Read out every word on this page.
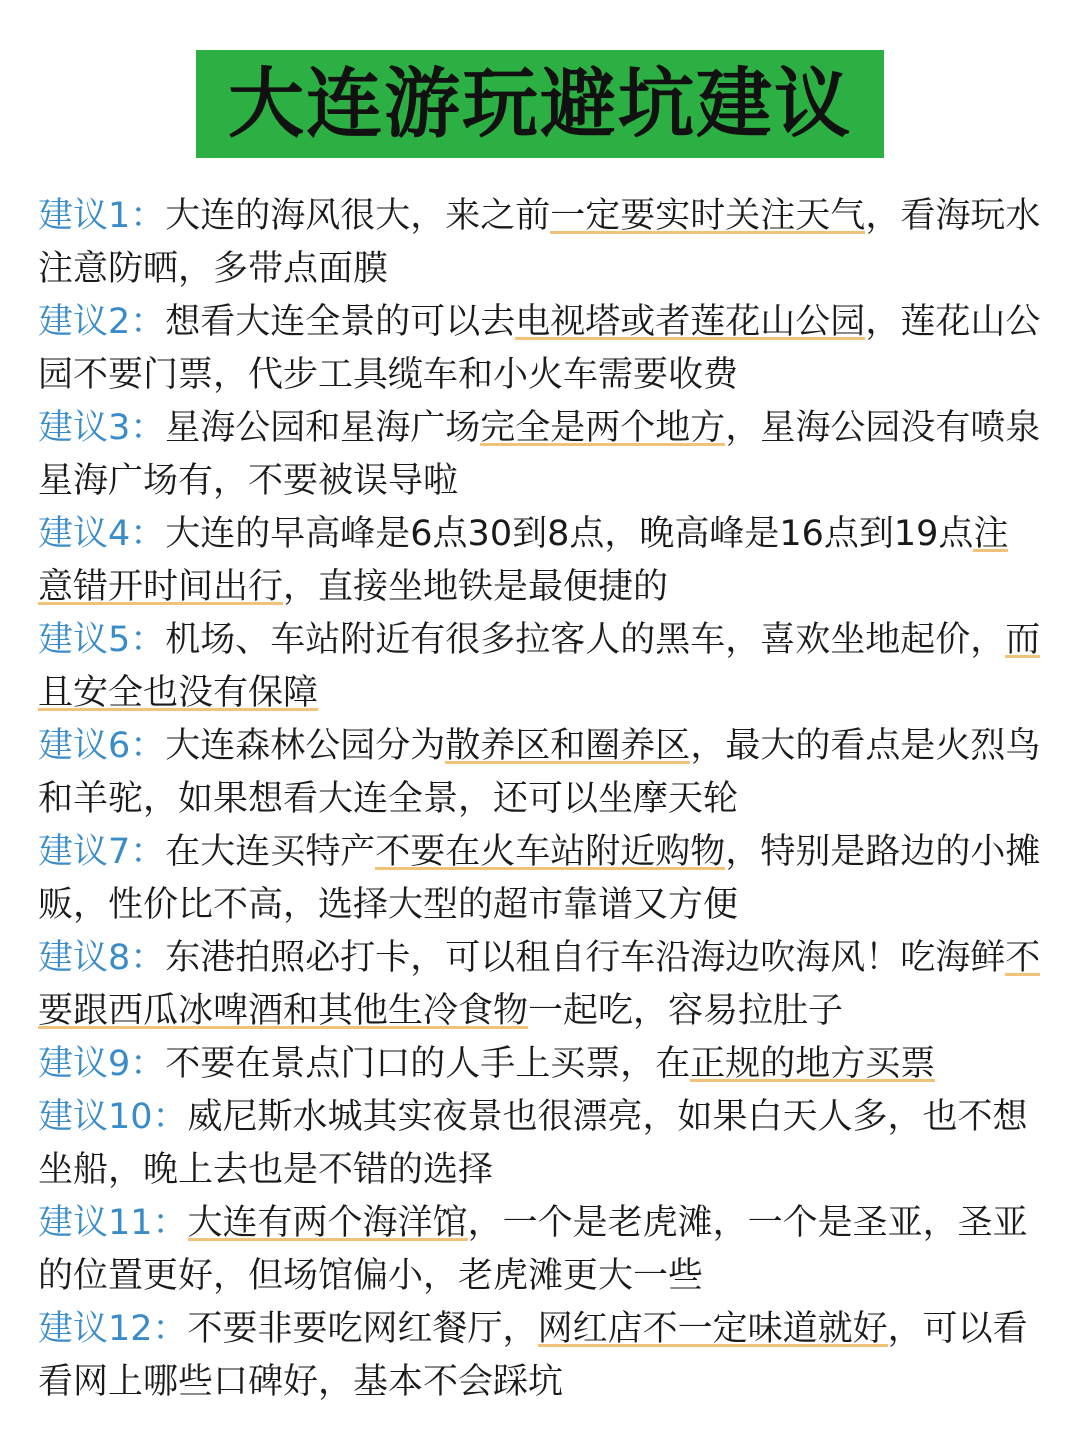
大连游玩避坑建议

建议1：大连的海风很大，来之前一定要实时关注天气，看海玩水注意防晒，多带点面膜

建议2：想看大连全景的可以去电视塔或者莲花山公园，莲花山公园不要门票，代步工具缆车和小火车需要收费

建议3：星海公园和星海广场完全是两个地方，星海公园没有喷泉星海广场有，不要被误导啦

建议4：大连的早高峰是6点30到8点，晚高峰是16点到19点注意错开时间出行，直接坐地铁是最便捷的

建议5：机场、车站附近有很多拉客人的黑车，喜欢坐地起价，而且安全也没有保障

建议6：大连森林公园分为散养区和圈养区，最大的看点是火烈鸟和羊驼，如果想看大连全景，还可以坐摩天轮

建议7：在大连买特产不要在火车站附近购物，特别是路边的小摊贩，性价比不高，选择大型的超市靠谱又方便

建议8：东港拍照必打卡，可以租自行车沿海边吹海风！吃海鲜不要跟西瓜冰啤酒和其他生冷食物一起吃，容易拉肚子

建议9：不要在景点门口的人手上买票，在正规的地方买票

建议10：威尼斯水城其实夜景也很漂亮，如果白天人多，也不想坐船，晚上去也是不错的选择

建议11：大连有两个海洋馆，一个是老虎滩，一个是圣亚，圣亚的位置更好，但场馆偏小，老虎滩更大一些

建议12：不要非要吃网红餐厅，网红店不一定味道就好，可以看看网上哪些口碑好，基本不会踩坑
